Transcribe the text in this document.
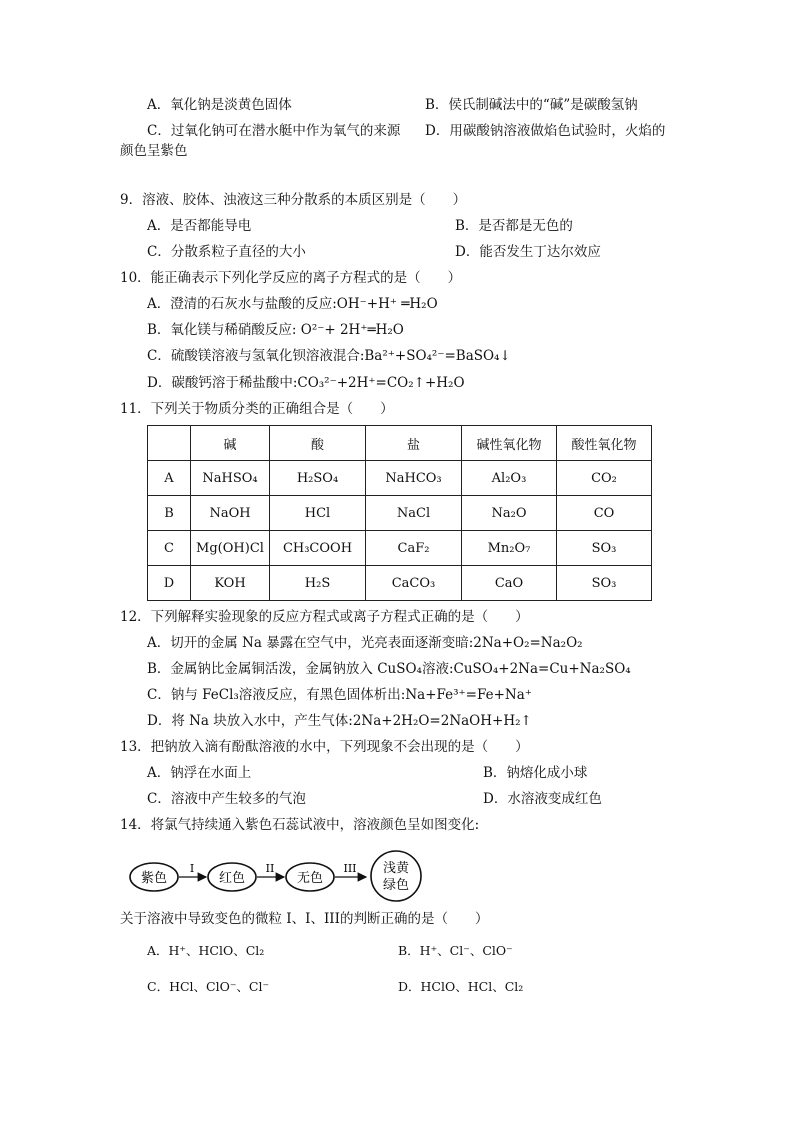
A．氧化钠是淡黄色固体	B．侯氏制碱法中的“碱”是碳酸氢钠
C．过氧化钠可在潜水艇中作为氧气的来源 D．用碳酸钠溶液做焰色试验时，火焰的
颜色呈紫色
9．溶液、胶体、浊液这三种分散系的本质区别是（　　）
A．是否都能导电	B．是否都是无色的
C．分散系粒子直径的大小	D．能否发生丁达尔效应
10．能正确表示下列化学反应的离子方程式的是（　　）
A．澄清的石灰水与盐酸的反应:OH⁻+H⁺ ═H₂O
B．氧化镁与稀硝酸反应: O²⁻+ 2H⁺═H₂O
C．硫酸镁溶液与氢氧化钡溶液混合:Ba²⁺+SO₄²⁻=BaSO₄↓
D．碳酸钙溶于稀盐酸中:CO₃²⁻+2H⁺=CO₂↑+H₂O
11．下列关于物质分类的正确组合是（　　）
	碱	酸	盐	碱性氧化物	酸性氧化物
A	NaHSO₄	H₂SO₄	NaHCO₃	Al₂O₃	CO₂
B	NaOH	HCl	NaCl	Na₂O	CO
C	Mg(OH)Cl	CH₃COOH	CaF₂	Mn₂O₇	SO₃
D	KOH	H₂S	CaCO₃	CaO	SO₃
12．下列解释实验现象的反应方程式或离子方程式正确的是（　　）
A．切开的金属 Na 暴露在空气中，光亮表面逐渐变暗:2Na+O₂=Na₂O₂
B．金属钠比金属铜活泼，金属钠放入 CuSO₄溶液:CuSO₄+2Na=Cu+Na₂SO₄
C．钠与 FeCl₃溶液反应，有黑色固体析出:Na+Fe³⁺=Fe+Na⁺
D．将 Na 块放入水中，产生气体:2Na+2H₂O=2NaOH+H₂↑
13．把钠放入滴有酚酞溶液的水中，下列现象不会出现的是（　　）
A．钠浮在水面上	B．钠熔化成小球
C．溶液中产生较多的气泡	D．水溶液变成红色
14．将氯气持续通入紫色石蕊试液中，溶液颜色呈如图变化:
紫色
I
红色
II
无色
III 浅黄
绿色
关于溶液中导致变色的微粒 I、I、III的判断正确的是（　　）
A．H⁺、HClO、Cl₂	B．H⁺、Cl⁻、ClO⁻
C．HCl、ClO⁻、Cl⁻	D．HClO、HCl、Cl₂
